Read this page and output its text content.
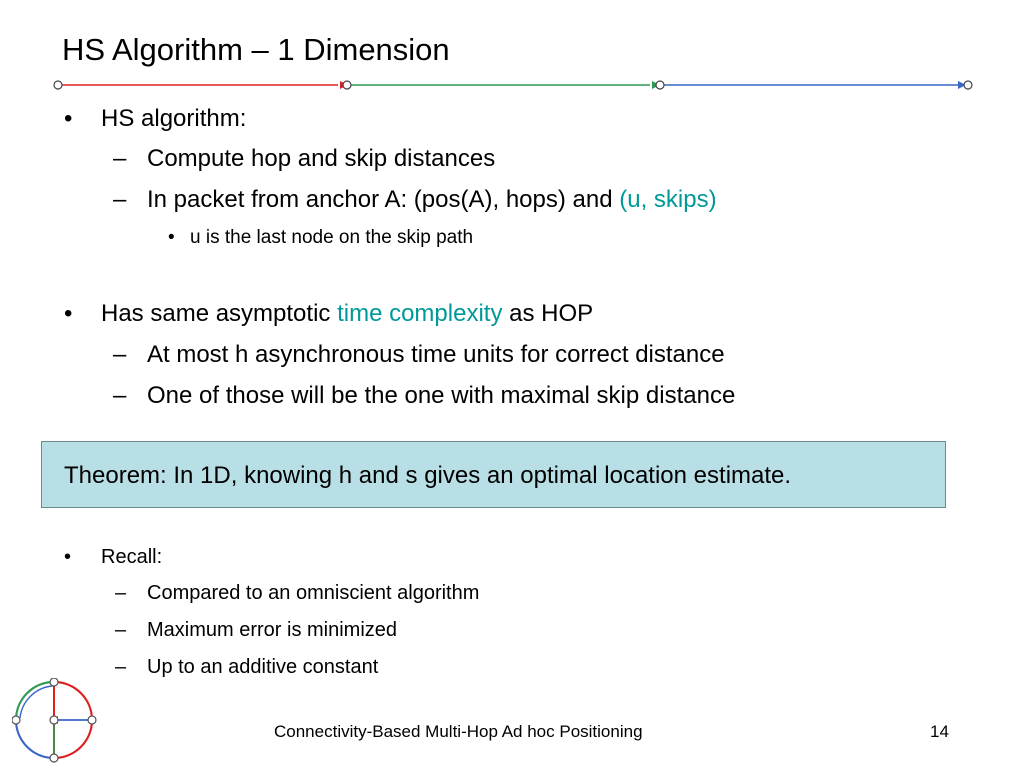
HS Algorithm – 1 Dimension
• HS algorithm:
– Compute hop and skip distances
– In packet from anchor A: (pos(A), hops) and (u, skips)
• u is the last node on the skip path
• Has same asymptotic time complexity as HOP
– At most h asynchronous time units for correct distance
– One of those will be the one with maximal skip distance
Theorem: In 1D, knowing h and s gives an optimal location estimate.
• Recall:
– Compared to an omniscient algorithm
– Maximum error is minimized
– Up to an additive constant
Connectivity-Based Multi-Hop Ad hoc Positioning	14
